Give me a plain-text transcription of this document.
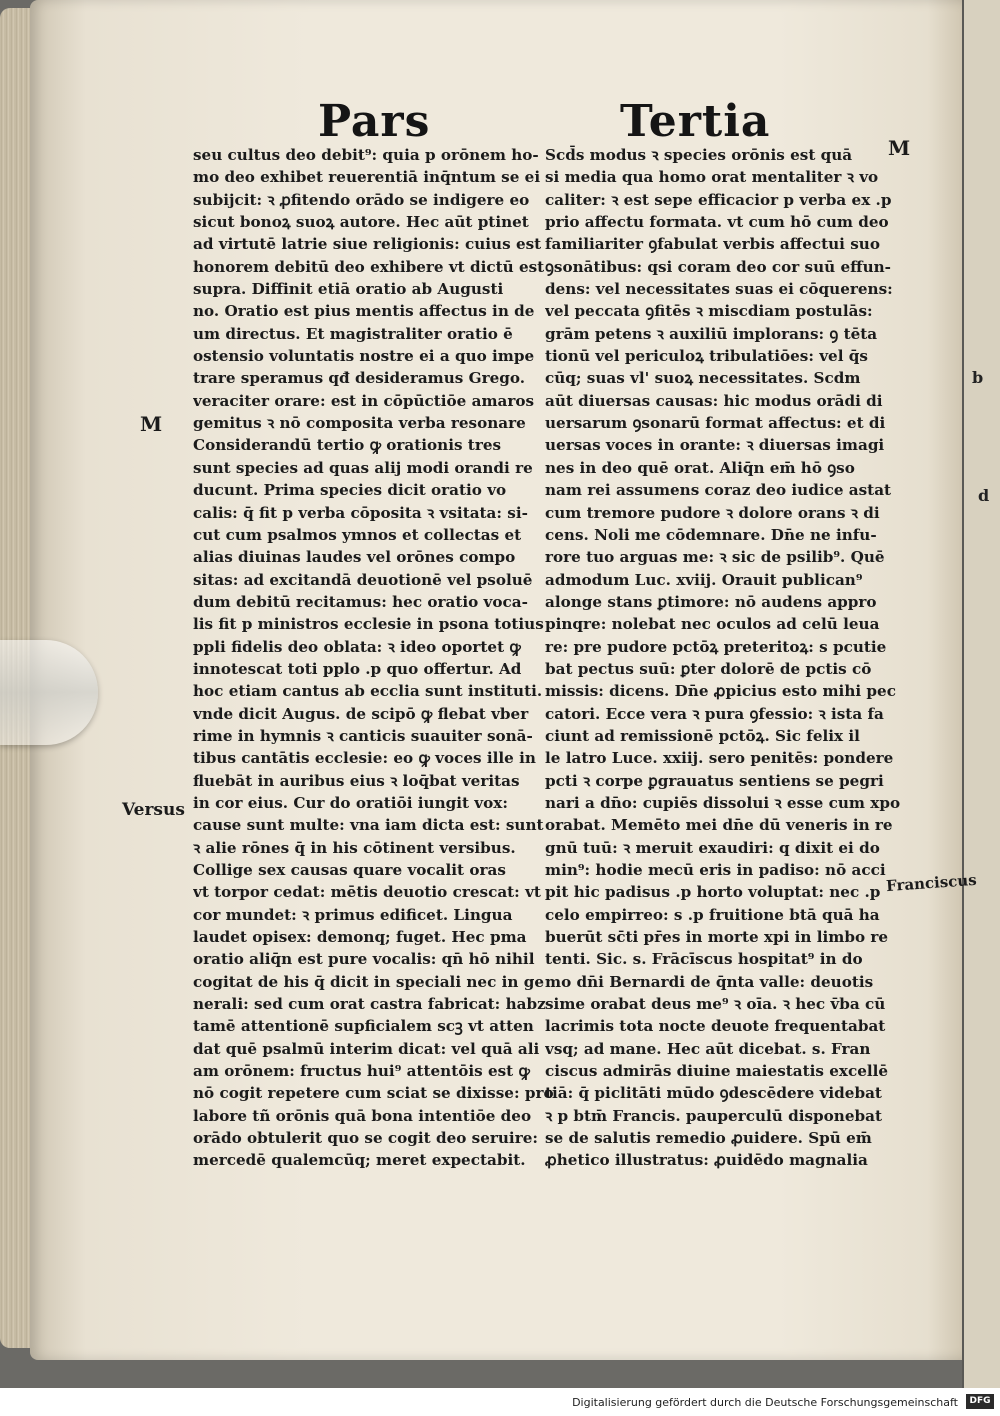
b
d
Pars	Tertia
M
M
Versus
Franciscus
seu cultus deo debit⁹: quia p orōnem ho-
mo deo exhibet reuerentiā inq̄ntum se ei
subijcit: ꝛ ꝓfitendo orādo se indigere eo
sicut bonoꝝ suoꝝ autore. Hec aūt ptinet
ad virtutē latrie siue religionis: cuius est
honorem debitū deo exhibere vt dictū est
supra. Diffinit etiā oratio ab Augusti
no. Oratio est pius mentis affectus in de
um directus. Et magistraliter oratio ē
ostensio voluntatis nostre ei a quo impe
trare speramus qđ desideramus Grego.
veraciter orare: est in cōpūctiōe amaros
gemitus ꝛ nō composita verba resonare
Considerandū tertio ꝙ orationis tres
sunt species ad quas alij modi orandi re
ducunt. Prima species dicit oratio vo
calis: q̄ fit p verba cōposita ꝛ vsitata: si-
cut cum psalmos ymnos et collectas et
alias diuinas laudes vel orōnes compo
sitas: ad excitandā deuotionē vel psoluē
dum debitū recitamus: hec oratio voca-
lis fit p ministros ecclesie in psona totius
ppli fidelis deo oblata: ꝛ ideo oportet ꝙ
innotescat toti pplo .p quo offertur. Ad
hoc etiam cantus ab ecclia sunt instituti.
vnde dicit Augus. de scipō ꝙ flebat vber
rime in hymnis ꝛ canticis suauiter sonā-
tibus cantātis ecclesie: eo ꝙ voces ille in
fluebāt in auribus eius ꝛ loq̄bat veritas
in cor eius. Cur do oratiōi iungit vox:
cause sunt multe: vna iam dicta est: sunt
ꝛ alie rōnes q̄ in his cōtinent versibus.
Collige sex causas quare vocalit oras
vt torpor cedat: mētis deuotio crescat: vt
cor mundet: ꝛ primus edificet. Lingua
laudet opisex: demonq; fuget. Hec pma
oratio aliq̄n est pure vocalis: qn̄ hō nihil
cogitat de his q̄ dicit in speciali nec in ge
nerali: sed cum orat castra fabricat: habz
tamē attentionē supficialem scꝫ vt atten
dat quē psalmū interim dicat: vel quā ali
am orōnem: fructus hui⁹ attentōis est ꝙ
nō cogit repetere cum sciat se dixisse: pro
labore tñ orōnis quā bona intentiōe deo
orādo obtulerit quo se cogit deo seruire:
mercedē qualemcūq; meret expectabit.
Scd̄s modus ꝛ species orōnis est quā
si media qua homo orat mentaliter ꝛ vo
caliter: ꝛ est sepe efficacior p verba ex .p
prio affectu formata. vt cum hō cum deo
familiariter ꝯfabulat verbis affectui suo
ꝯsonātibus: qsi coram deo cor suū effun-
dens: vel necessitates suas ei cōquerens:
vel peccata ꝯfitēs ꝛ miscdiam postulās:
grām petens ꝛ auxiliū implorans: ꝯ tēta
tionū vel periculoꝝ tribulatiōes: vel q̄s
cūq; suas vl' suoꝝ necessitates. Scdm
aūt diuersas causas: hic modus orādi di
uersarum ꝯsonarū format affectus: et di
uersas voces in orante: ꝛ diuersas imagi
nes in deo quē orat. Aliq̄n em̄ hō ꝯso
nam rei assumens coraz deo iudice astat
cum tremore pudore ꝛ dolore orans ꝛ di
cens. Noli me cōdemnare. Dn̄e ne infu-
rore tuo arguas me: ꝛ sic de psilib⁹. Quē
admodum Luc. xviij. Orauit publican⁹
alonge stans ꝑtimore: nō audens appro
pinqre: nolebat nec oculos ad celū leua
re: pre pudore pctōꝝ preteritoꝝ: s pcutie
bat pectus suū: ꝑter dolorē de pctis cō
missis: dicens. Dn̄e ꝓpicius esto mihi pec
catori. Ecce vera ꝛ pura ꝯfessio: ꝛ ista fa
ciunt ad remissionē pctōꝝ. Sic felix il
le latro Luce. xxiij. sero penitēs: pondere
pcti ꝛ corpe ꝑgrauatus sentiens se pegri
nari a dn̄o: cupiēs dissolui ꝛ esse cum xpo
orabat. Memēto mei dn̄e dū veneris in re
gnū tuū: ꝛ meruit exaudiri: q dixit ei do
min⁹: hodie mecū eris in padiso: nō acci
pit hic padisus .p horto voluptat: nec .p
celo empirreo: s .p fruitione btā quā ha
buerūt sc̄ti pr̄es in morte xpi in limbo re
tenti. Sic. s. Frācīscus hospitat⁹ in do
mo dn̄i Bernardi de q̄nta valle: deuotis
sime orabat deus me⁹ ꝛ oīa. ꝛ hec v̄ba cū
lacrimis tota nocte deuote frequentabat
vsq; ad mane. Hec aūt dicebat. s. Fran
ciscus admirās diuine maiestatis excellē
tiā: q̄ piclitāti mūdo ꝯdescēdere videbat
ꝛ p btm̄ Francis. pauperculū disponebat
se de salutis remedio ꝓuidere. Spū em̄
ꝓhetico illustratus: ꝓuidēdo magnalia
Digitalisierung gefördert durch die Deutsche Forschungsgemeinschaft	DFG
